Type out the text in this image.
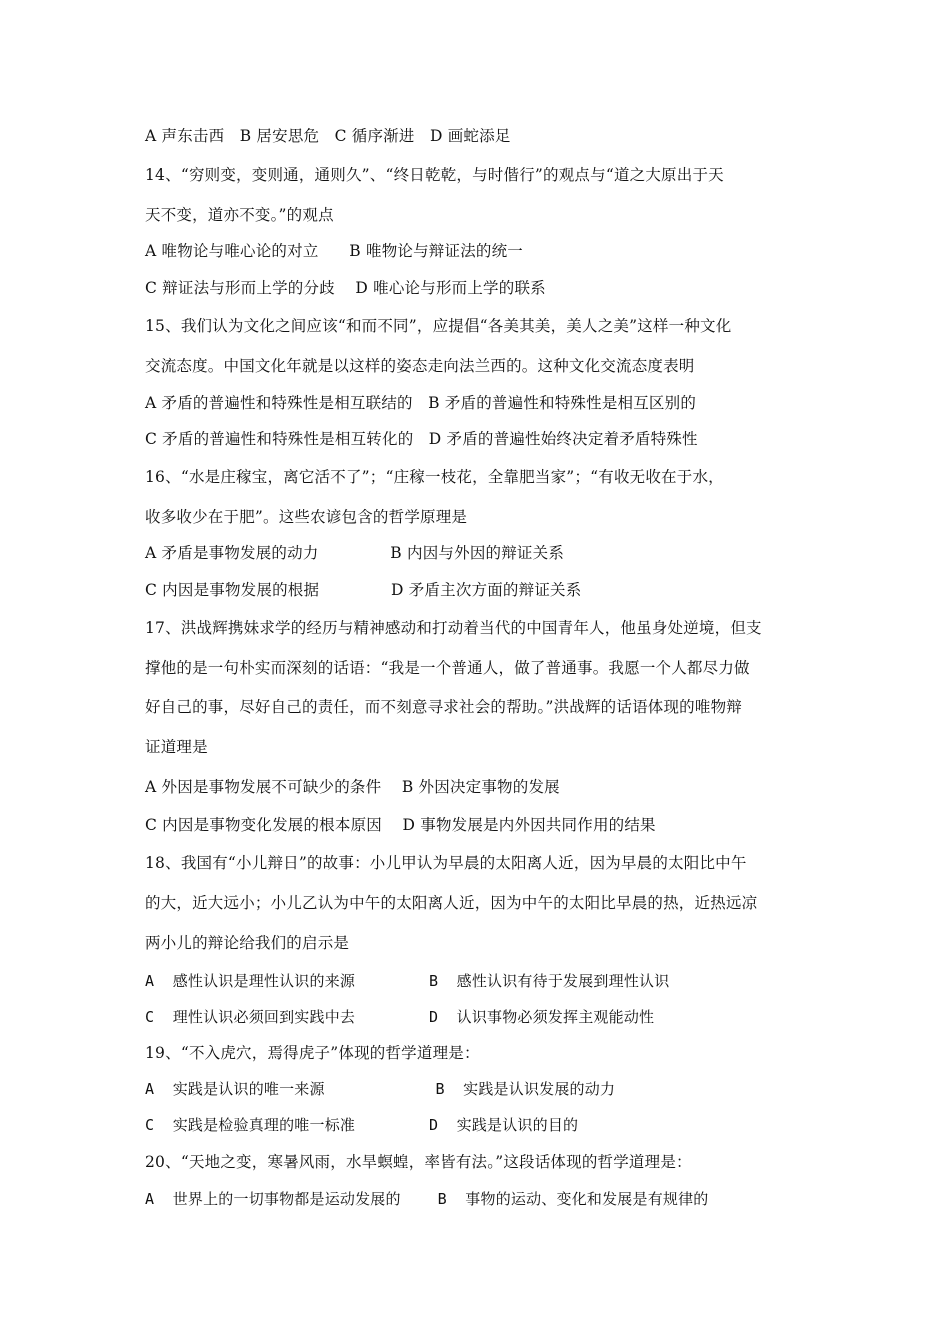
A 声东击西   B 居安思危   C 循序渐进   D 画蛇添足
14、“穷则变，变则通，通则久”、“终日乾乾，与时偕行”的观点与“道之大原出于天
天不变，道亦不变。”的观点
A 唯物论与唯心论的对立      B 唯物论与辩证法的统一
C 辩证法与形而上学的分歧    D 唯心论与形而上学的联系
15、我们认为文化之间应该“和而不同”，应提倡“各美其美，美人之美”这样一种文化
交流态度。中国文化年就是以这样的姿态走向法兰西的。这种文化交流态度表明
A 矛盾的普遍性和特殊性是相互联结的   B 矛盾的普遍性和特殊性是相互区别的
C 矛盾的普遍性和特殊性是相互转化的   D 矛盾的普遍性始终决定着矛盾特殊性
16、“水是庄稼宝，离它活不了”；“庄稼一枝花，全靠肥当家”；“有收无收在于水，
收多收少在于肥”。这些农谚包含的哲学原理是
A 矛盾是事物发展的动力              B 内因与外因的辩证关系
C 内因是事物发展的根据              D 矛盾主次方面的辩证关系
17、洪战辉携妹求学的经历与精神感动和打动着当代的中国青年人，他虽身处逆境，但支
撑他的是一句朴实而深刻的话语：“我是一个普通人，做了普通事。我愿一个人都尽力做
好自己的事，尽好自己的责任，而不刻意寻求社会的帮助。”洪战辉的话语体现的唯物辩
证道理是
A 外因是事物发展不可缺少的条件    B 外因决定事物的发展
C 内因是事物变化发展的根本原因    D 事物发展是内外因共同作用的结果
18、我国有“小儿辩日”的故事：小儿甲认为早晨的太阳离人近，因为早晨的太阳比中午
的大，近大远小；小儿乙认为中午的太阳离人近，因为中午的太阳比早晨的热，近热远凉
两小儿的辩论给我们的启示是
A  感性认识是理性认识的来源        B  感性认识有待于发展到理性认识
C  理性认识必须回到实践中去        D  认识事物必须发挥主观能动性
19、“不入虎穴，焉得虎子”体现的哲学道理是：
A  实践是认识的唯一来源            B  实践是认识发展的动力
C  实践是检验真理的唯一标准        D  实践是认识的目的
20、“天地之变，寒暑风雨，水旱螟蝗，率皆有法。”这段话体现的哲学道理是：
A  世界上的一切事物都是运动发展的    B  事物的运动、变化和发展是有规律的
